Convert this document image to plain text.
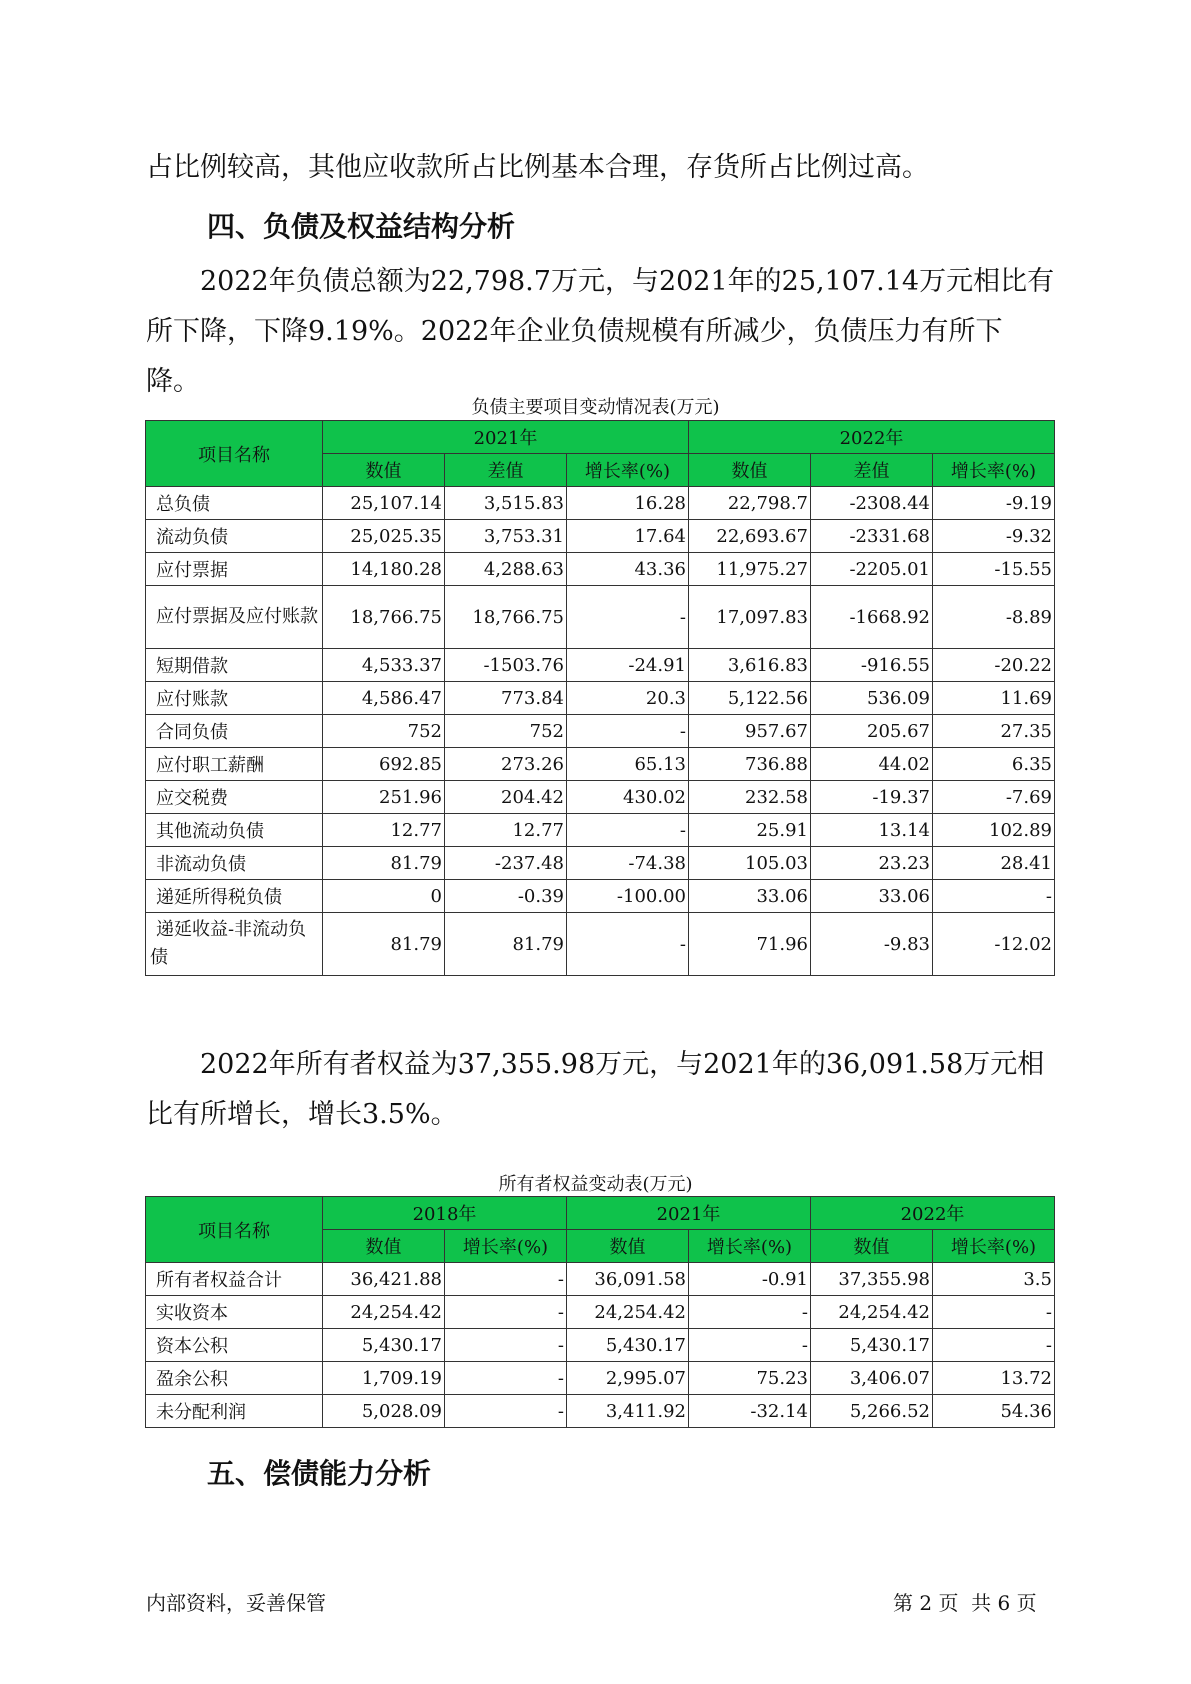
占比例较高，其他应收款所占比例基本合理，存货所占比例过高。

四、负债及权益结构分析

2022年负债总额为22,798.7万元，与2021年的25,107.14万元相比有所下降，下降9.19%。2022年企业负债规模有所减少，负债压力有所下降。

负债主要项目变动情况表(万元)
项目名称	2021年			2022年		
	数值	差值	增长率(%)	数值	差值	增长率(%)
总负债	25,107.14	3,515.83	16.28	22,798.7	-2308.44	-9.19
流动负债	25,025.35	3,753.31	17.64	22,693.67	-2331.68	-9.32
应付票据	14,180.28	4,288.63	43.36	11,975.27	-2205.01	-15.55
应付票据及应付账款	18,766.75	18,766.75	-	17,097.83	-1668.92	-8.89
短期借款	4,533.37	-1503.76	-24.91	3,616.83	-916.55	-20.22
应付账款	4,586.47	773.84	20.3	5,122.56	536.09	11.69
合同负债	752	752	-	957.67	205.67	27.35
应付职工薪酬	692.85	273.26	65.13	736.88	44.02	6.35
应交税费	251.96	204.42	430.02	232.58	-19.37	-7.69
其他流动负债	12.77	12.77	-	25.91	13.14	102.89
非流动负债	81.79	-237.48	-74.38	105.03	23.23	28.41
递延所得税负债	0	-0.39	-100.00	33.06	33.06	-
递延收益-非流动负债	81.79	81.79	-	71.96	-9.83	-12.02

2022年所有者权益为37,355.98万元，与2021年的36,091.58万元相比有所增长，增长3.5%。

所有者权益变动表(万元)
项目名称	2018年		2021年		2022年	
	数值	增长率(%)	数值	增长率(%)	数值	增长率(%)
所有者权益合计	36,421.88	-	36,091.58	-0.91	37,355.98	3.5
实收资本	24,254.42	-	24,254.42	-	24,254.42	-
资本公积	5,430.17	-	5,430.17	-	5,430.17	-
盈余公积	1,709.19	-	2,995.07	75.23	3,406.07	13.72
未分配利润	5,028.09	-	3,411.92	-32.14	5,266.52	54.36
五、偿债能力分析
内部资料，妥善保管	第 2 页  共 6 页
